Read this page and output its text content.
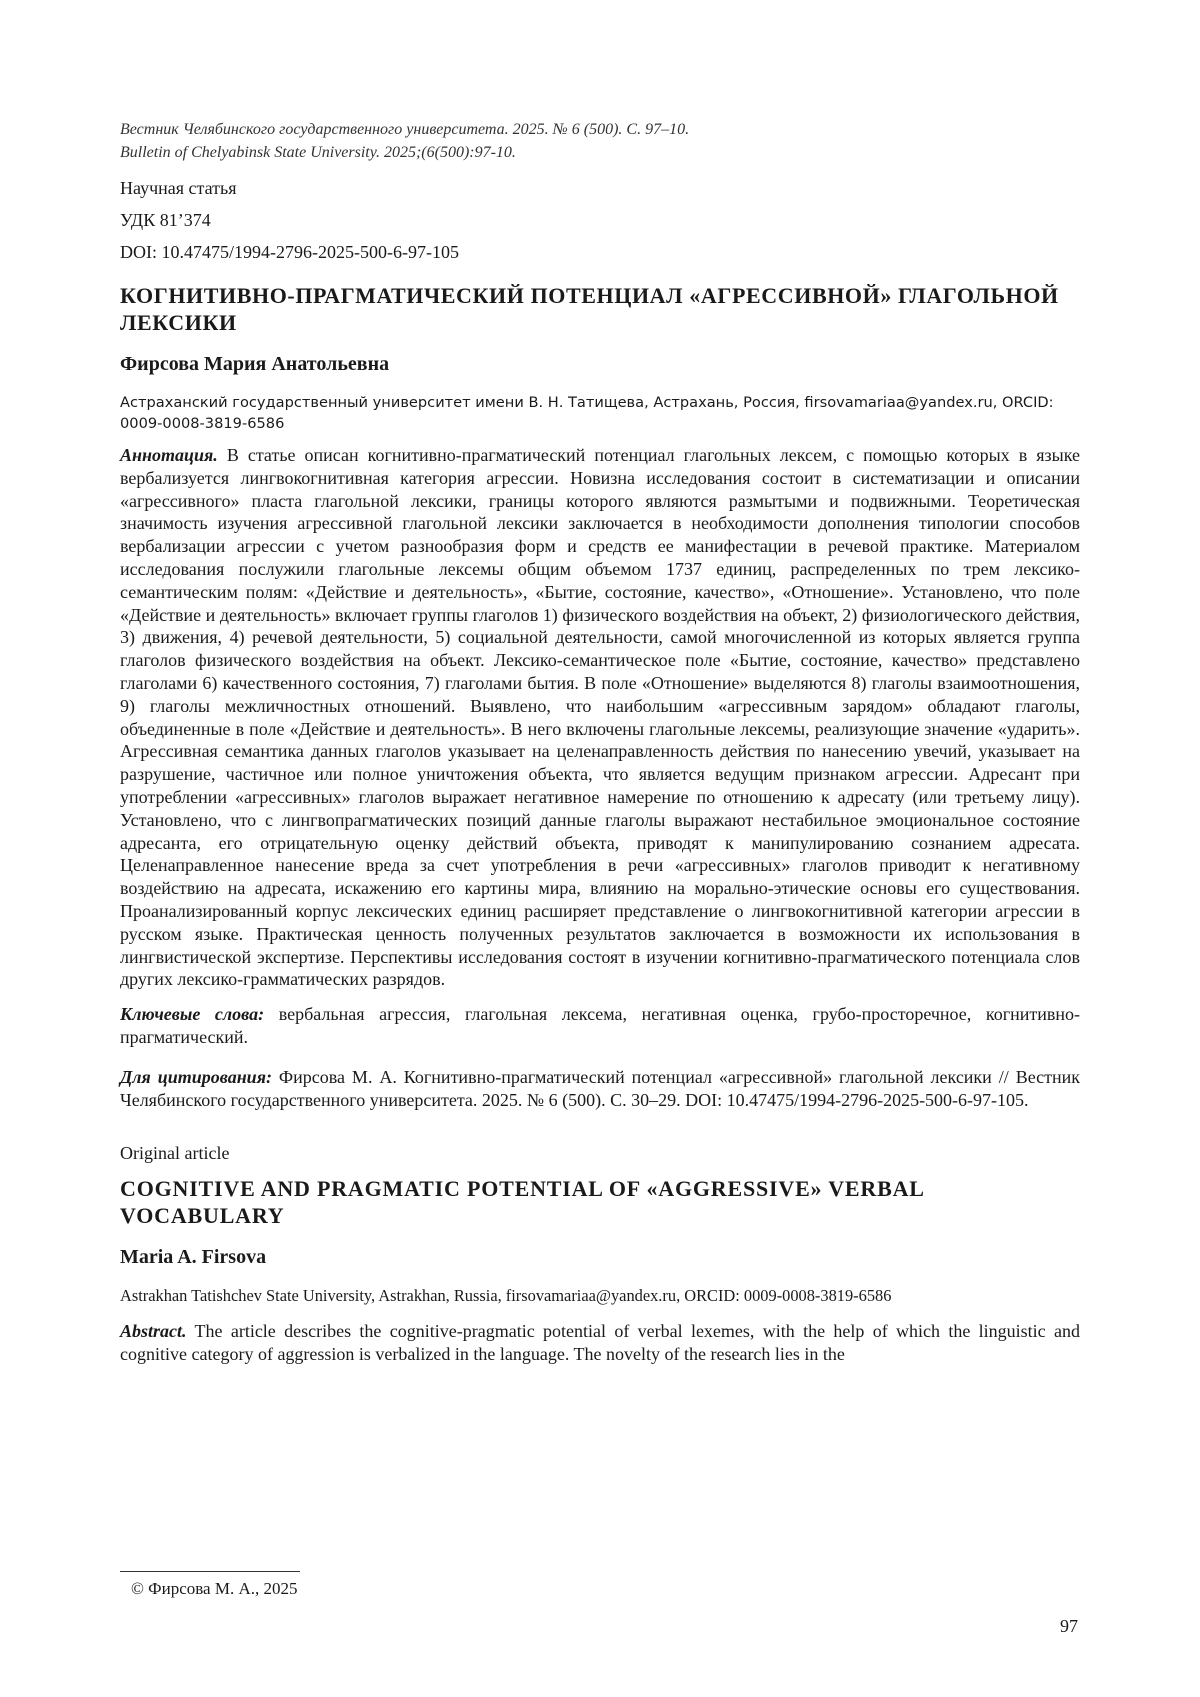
Вестник Челябинского государственного университета. 2025. № 6 (500). С. 97–10.
Bulletin of Chelyabinsk State University. 2025;(6(500):97-10.
Научная статья
УДК 81’374
DOI: 10.47475/1994-2796-2025-500-6-97-105
КОГНИТИВНО-ПРАГМАТИЧЕСКИЙ ПОТЕНЦИАЛ «АГРЕССИВНОЙ» ГЛАГОЛЬНОЙ ЛЕКСИКИ
Фирсова Мария Анатольевна
Астраханский государственный университет имени В. Н. Татищева, Астрахань, Россия, firsovamariaa@yandex.ru, ORCID: 0009-0008-3819-6586
Аннотация. В статье описан когнитивно-прагматический потенциал глагольных лексем, с помощью которых в языке вербализуется лингвокогнитивная категория агрессии. Новизна исследования состоит в систематизации и описании «агрессивного» пласта глагольной лексики, границы которого являются размытыми и подвижными. Теоретическая значимость изучения агрессивной глагольной лексики заключается в необходимости дополнения типологии способов вербализации агрессии с учетом разнообразия форм и средств ее манифестации в речевой практике. Материалом исследования послужили глагольные лексемы общим объемом 1737 единиц, распределенных по трем лексико-семантическим полям: «Действие и деятельность», «Бытие, состояние, качество», «Отношение». Установлено, что поле «Действие и деятельность» включает группы глаголов 1) физического воздействия на объект, 2) физиологического действия, 3) движения, 4) речевой деятельности, 5) социальной деятельности, самой многочисленной из которых является группа глаголов физического воздействия на объект. Лексико-семантическое поле «Бытие, состояние, качество» представлено глаголами 6) качественного состояния, 7) глаголами бытия. В поле «Отношение» выделяются 8) глаголы взаимоотношения, 9) глаголы межличностных отношений. Выявлено, что наибольшим «агрессивным зарядом» обладают глаголы, объединенные в поле «Действие и деятельность». В него включены глагольные лексемы, реализующие значение «ударить». Агрессивная семантика данных глаголов указывает на целенаправленность действия по нанесению увечий, указывает на разрушение, частичное или полное уничтожения объекта, что является ведущим признаком агрессии. Адресант при употреблении «агрессивных» глаголов выражает негативное намерение по отношению к адресату (или третьему лицу). Установлено, что с лингвопрагматических позиций данные глаголы выражают нестабильное эмоциональное состояние адресанта, его отрицательную оценку действий объекта, приводят к манипулированию сознанием адресата. Целенаправленное нанесение вреда за счет употребления в речи «агрессивных» глаголов приводит к негативному воздействию на адресата, искажению его картины мира, влиянию на морально-этические основы его существования. Проанализированный корпус лексических единиц расширяет представление о лингвокогнитивной категории агрессии в русском языке. Практическая ценность полученных результатов заключается в возможности их использования в лингвистической экспертизе. Перспективы исследования состоят в изучении когнитивно-прагматического потенциала слов других лексико-грамматических разрядов.
Ключевые слова: вербальная агрессия, глагольная лексема, негативная оценка, грубо-просторечное, когнитивно-прагматический.
Для цитирования: Фирсова М. А. Когнитивно-прагматический потенциал «агрессивной» глагольной лексики // Вестник Челябинского государственного университета. 2025. № 6 (500). С. 30–29. DOI: 10.47475/1994-2796-2025-500-6-97-105.
Original article
COGNITIVE AND PRAGMATIC POTENTIAL OF «AGGRESSIVE» VERBAL VOCABULARY
Maria A. Firsova
Astrakhan Tatishchev State University, Astrakhan, Russia, firsovamariaa@yandex.ru, ORCID: 0009-0008-3819-6586
Abstract. The article describes the cognitive-pragmatic potential of verbal lexemes, with the help of which the linguistic and cognitive category of aggression is verbalized in the language. The novelty of the research lies in the
© Фирсова М. А., 2025
97
